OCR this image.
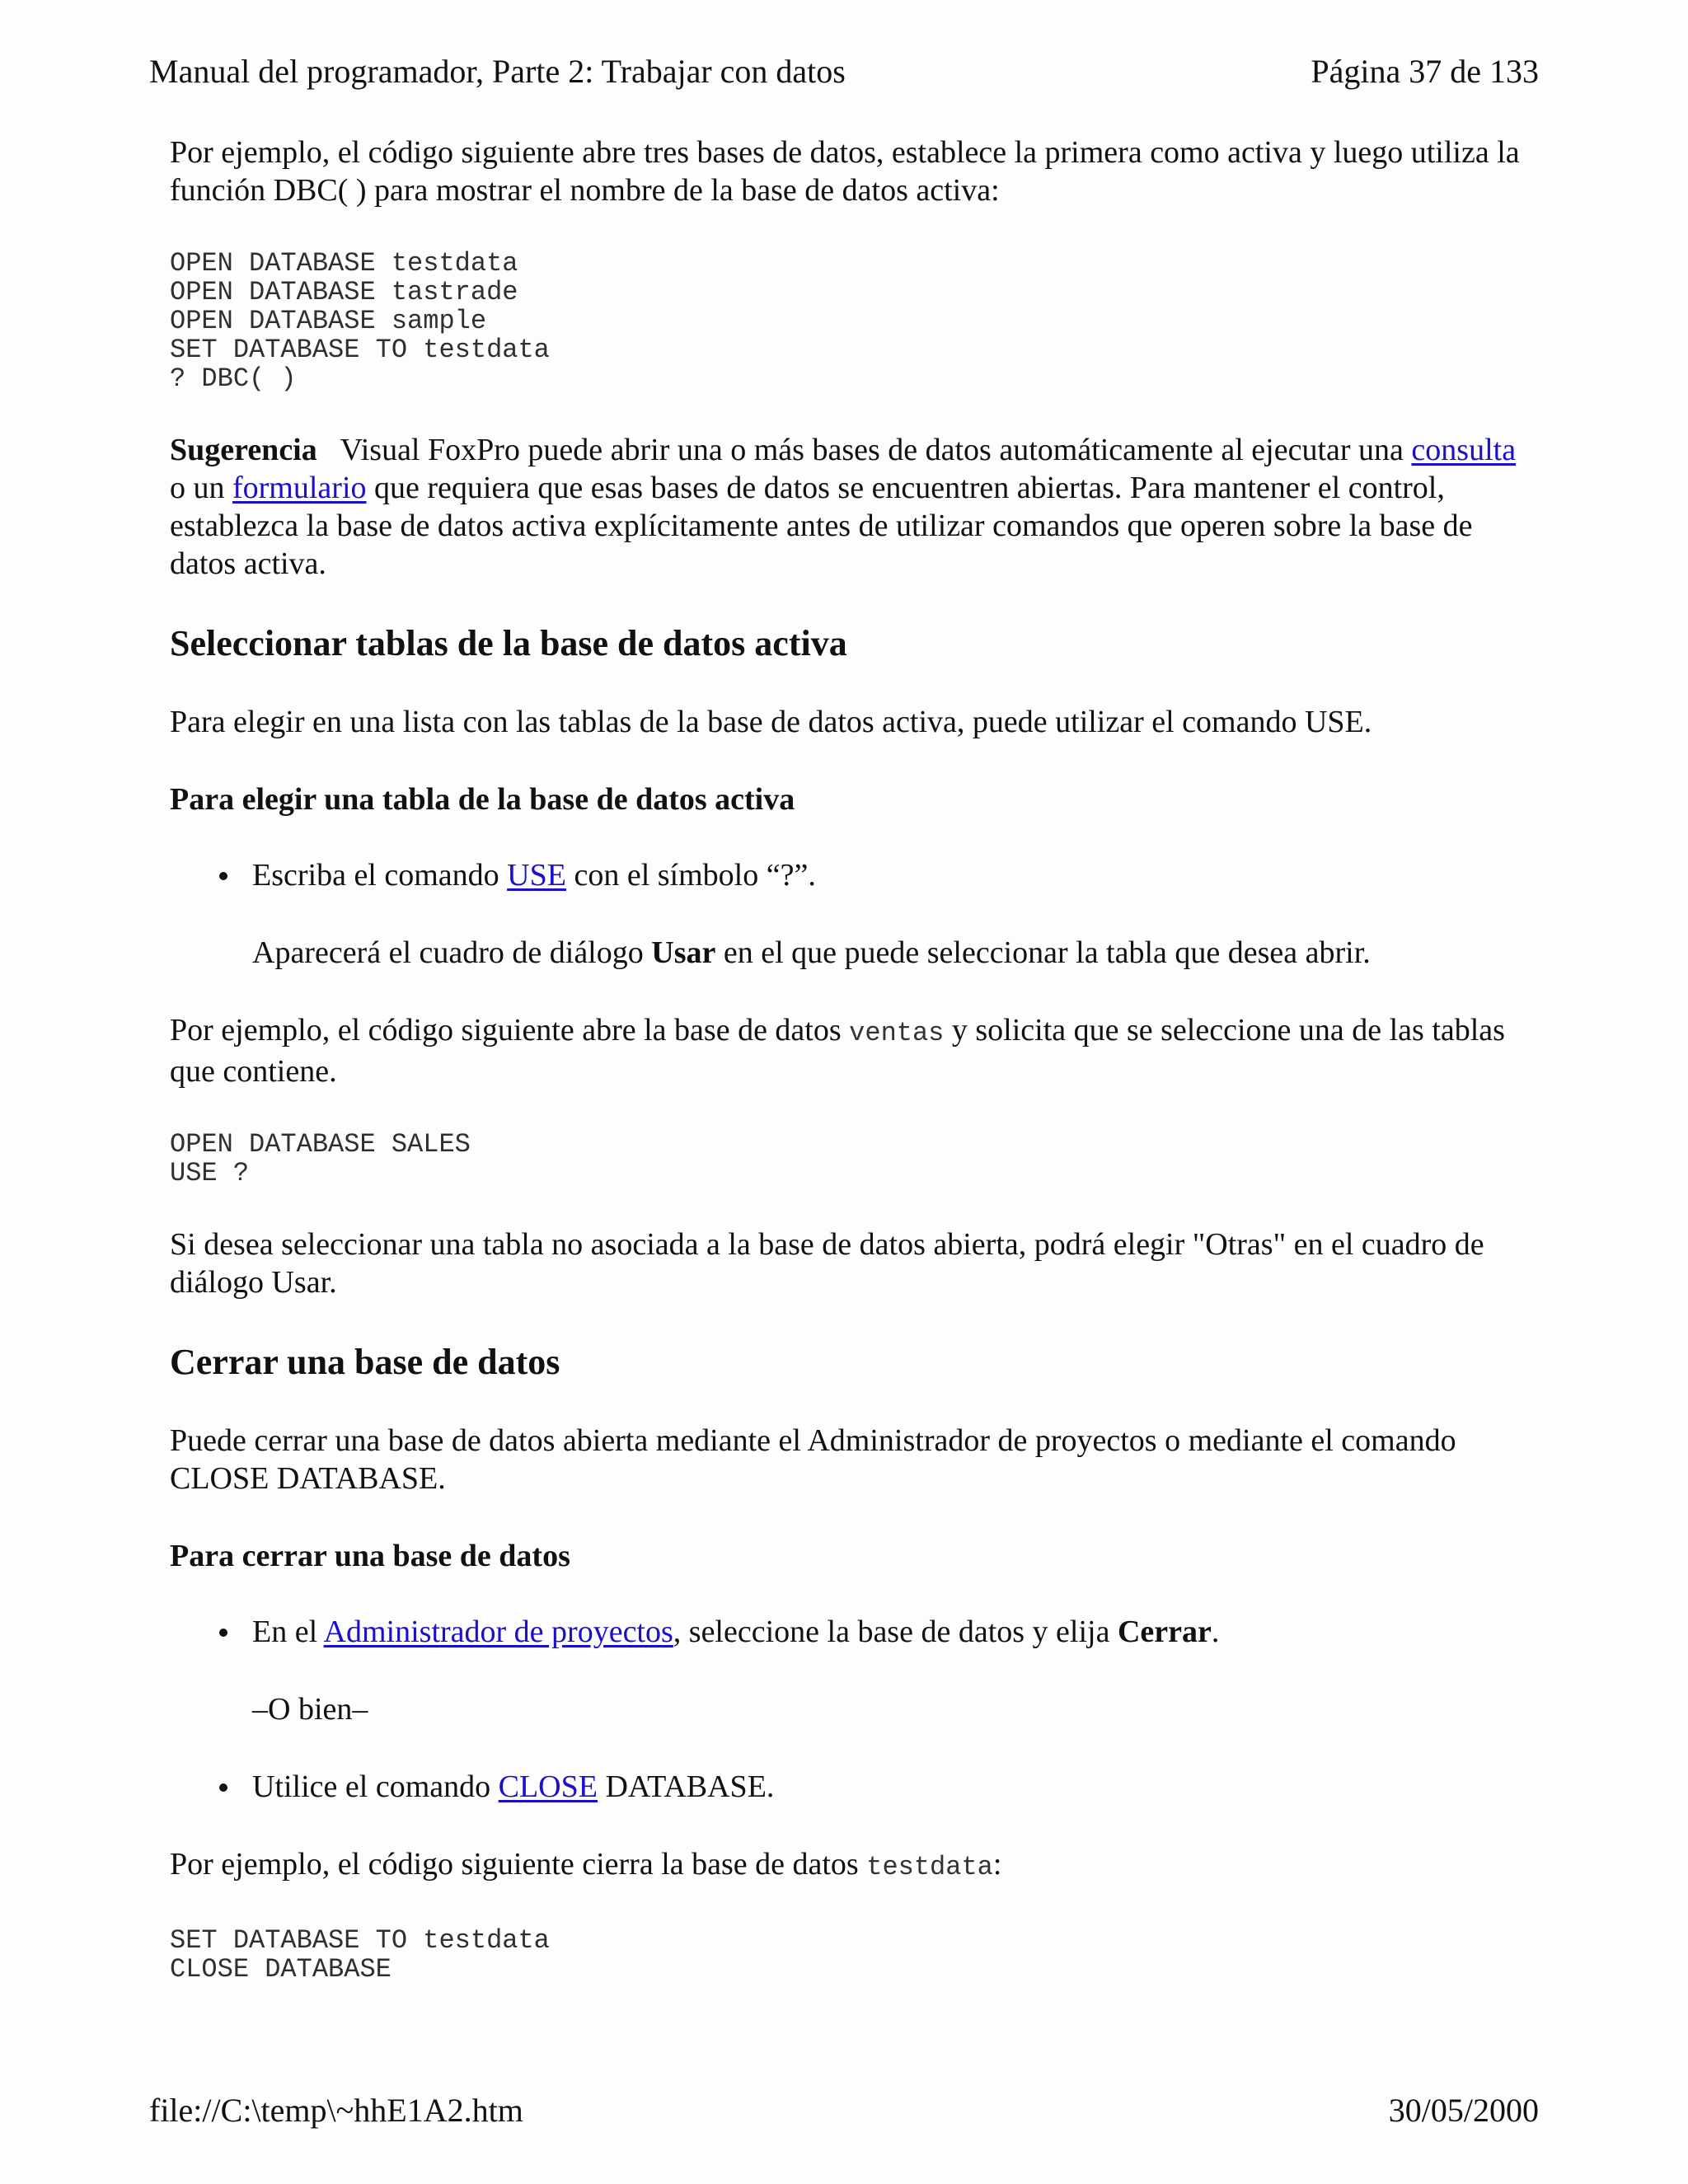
Manual del programador, Parte 2: Trabajar con datos	Página 37 de 133

Por ejemplo, el código siguiente abre tres bases de datos, establece la primera como activa y luego utiliza la función DBC( ) para mostrar el nombre de la base de datos activa:

OPEN DATABASE testdata
OPEN DATABASE tastrade
OPEN DATABASE sample
SET DATABASE TO testdata
? DBC( )

Sugerencia   Visual FoxPro puede abrir una o más bases de datos automáticamente al ejecutar una consulta o un formulario que requiera que esas bases de datos se encuentren abiertas. Para mantener el control, establezca la base de datos activa explícitamente antes de utilizar comandos que operen sobre la base de datos activa.

Seleccionar tablas de la base de datos activa

Para elegir en una lista con las tablas de la base de datos activa, puede utilizar el comando USE.

Para elegir una tabla de la base de datos activa

Escriba el comando USE con el símbolo “?”.

Aparecerá el cuadro de diálogo Usar en el que puede seleccionar la tabla que desea abrir.

Por ejemplo, el código siguiente abre la base de datos ventas y solicita que se seleccione una de las tablas que contiene.

OPEN DATABASE SALES
USE ?

Si desea seleccionar una tabla no asociada a la base de datos abierta, podrá elegir "Otras" en el cuadro de diálogo Usar.

Cerrar una base de datos

Puede cerrar una base de datos abierta mediante el Administrador de proyectos o mediante el comando CLOSE DATABASE.

Para cerrar una base de datos

En el Administrador de proyectos, seleccione la base de datos y elija Cerrar.

–O bien–

Utilice el comando CLOSE DATABASE.

Por ejemplo, el código siguiente cierra la base de datos testdata:

SET DATABASE TO testdata
CLOSE DATABASE
file://C:\temp\~hhE1A2.htm	30/05/2000
